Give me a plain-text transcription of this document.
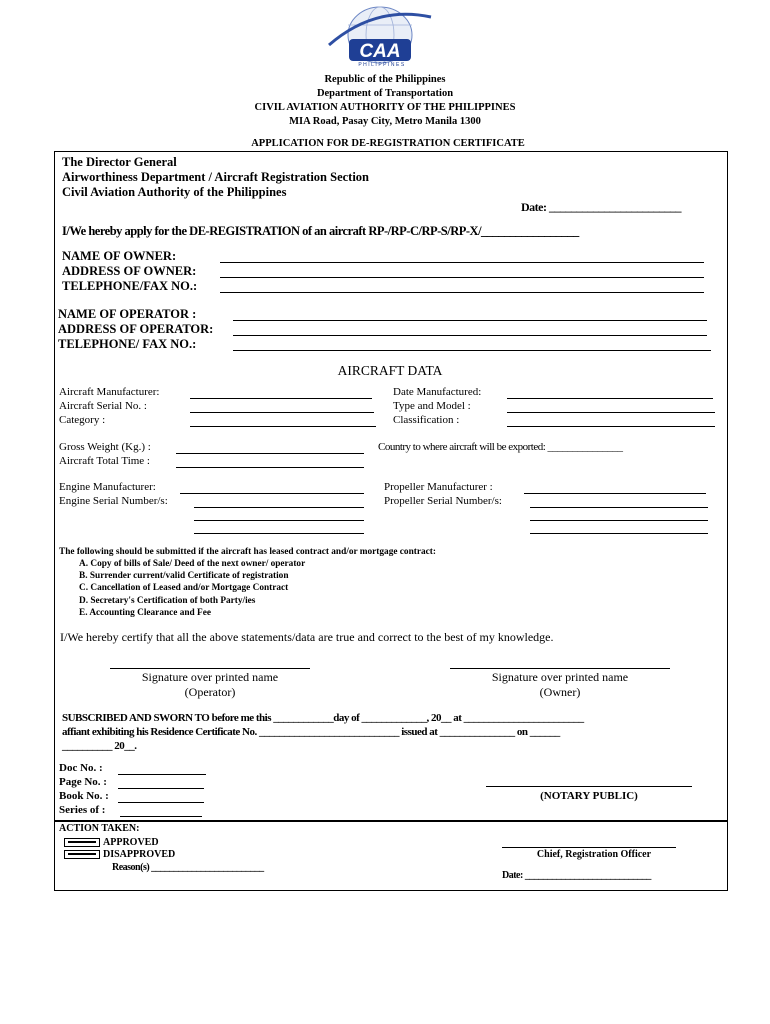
CAA
PHILIPPINES
Republic of the Philippines
Department of Transportation
CIVIL AVIATION AUTHORITY OF THE PHILIPPINES
MIA Road, Pasay City, Metro Manila 1300
APPLICATION FOR DE-REGISTRATION CERTIFICATE
The Director General
Airworthiness Department / Aircraft Registration Section
Civil Aviation Authority of the Philippines
Date: ________________________
I/We hereby apply for the DE-REGISTRATION of an aircraft RP-/RP-C/RP-S/RP-X/_________________
NAME OF OWNER:
ADDRESS OF OWNER:
TELEPHONE/FAX NO.:
NAME OF OPERATOR :
ADDRESS OF OPERATOR:
TELEPHONE/ FAX NO.:
AIRCRAFT DATA
Aircraft Manufacturer:
Aircraft Serial No. :
Category :
Date Manufactured:
Type and Model :
Classification :
Gross Weight (Kg.) :
Aircraft Total Time :
Country to where aircraft will be exported: _______________
Engine Manufacturer:
Engine Serial Number/s:
Propeller Manufacturer :
Propeller Serial Number/s:
The following should be submitted if the aircraft has leased contract and/or mortgage contract:
A. Copy of bills of Sale/ Deed of the next owner/ operator
B. Surrender current/valid Certificate of registration
C. Cancellation of Leased and/or Mortgage Contract
D. Secretary's Certification of both Party/ies
E. Accounting Clearance and Fee
I/We hereby certify that all the above statements/data are true and correct to the best of my knowledge.
Signature over printed name
(Operator)
Signature over printed name
(Owner)
SUBSCRIBED AND SWORN TO before me this ____________day of _____________, 20__ at ________________________
affiant exhibiting his Residence Certificate No. ____________________________ issued at _______________ on ______
__________ 20__.
Doc No. :
Page No. :
Book No. :
Series of :
(NOTARY PUBLIC)
ACTION TAKEN:
APPROVED
DISAPPROVED
Reason(s) _________________________
Chief, Registration Officer
Date: ____________________________
